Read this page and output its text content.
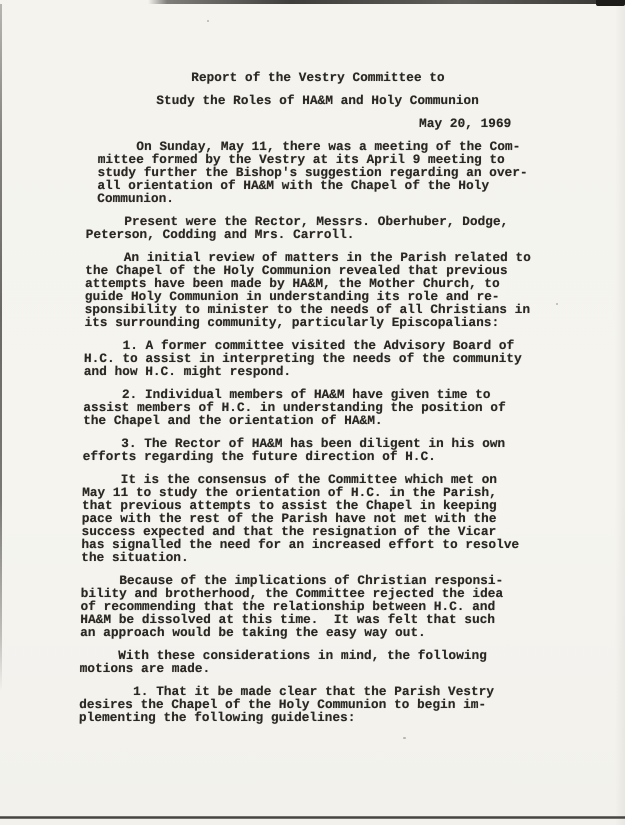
Report of the Vestry Committee to

Study the Roles of HA&M and Holy Communion

May 20, 1969

On Sunday, May 11, there was a meeting of the Com-
mittee formed by the Vestry at its April 9 meeting to
study further the Bishop's suggestion regarding an over-
all orientation of HA&M with the Chapel of the Holy
Communion.

Present were the Rector, Messrs. Oberhuber, Dodge,
Peterson, Codding and Mrs. Carroll.

An initial review of matters in the Parish related to
the Chapel of the Holy Communion revealed that previous
attempts have been made by HA&M, the Mother Church, to
guide Holy Communion in understanding its role and re-
sponsibility to minister to the needs of all Christians in
its surrounding community, particularly Episcopalians:

1. A former committee visited the Advisory Board of
H.C. to assist in interpreting the needs of the community
and how H.C. might respond.

2. Individual members of HA&M have given time to
assist members of H.C. in understanding the position of
the Chapel and the orientation of HA&M.

3. The Rector of HA&M has been diligent in his own
efforts regarding the future direction of H.C.

It is the consensus of the Committee which met on
May 11 to study the orientation of H.C. in the Parish,
that previous attempts to assist the Chapel in keeping
pace with the rest of the Parish have not met with the
success expected and that the resignation of the Vicar
has signalled the need for an increased effort to resolve
the situation.

Because of the implications of Christian responsi-
bility and brotherhood, the Committee rejected the idea
of recommending that the relationship between H.C. and
HA&M be dissolved at this time.  It was felt that such
an approach would be taking the easy way out.

With these considerations in mind, the following
motions are made.

1. That it be made clear that the Parish Vestry
desires the Chapel of the Holy Communion to begin im-
plementing the following guidelines:
